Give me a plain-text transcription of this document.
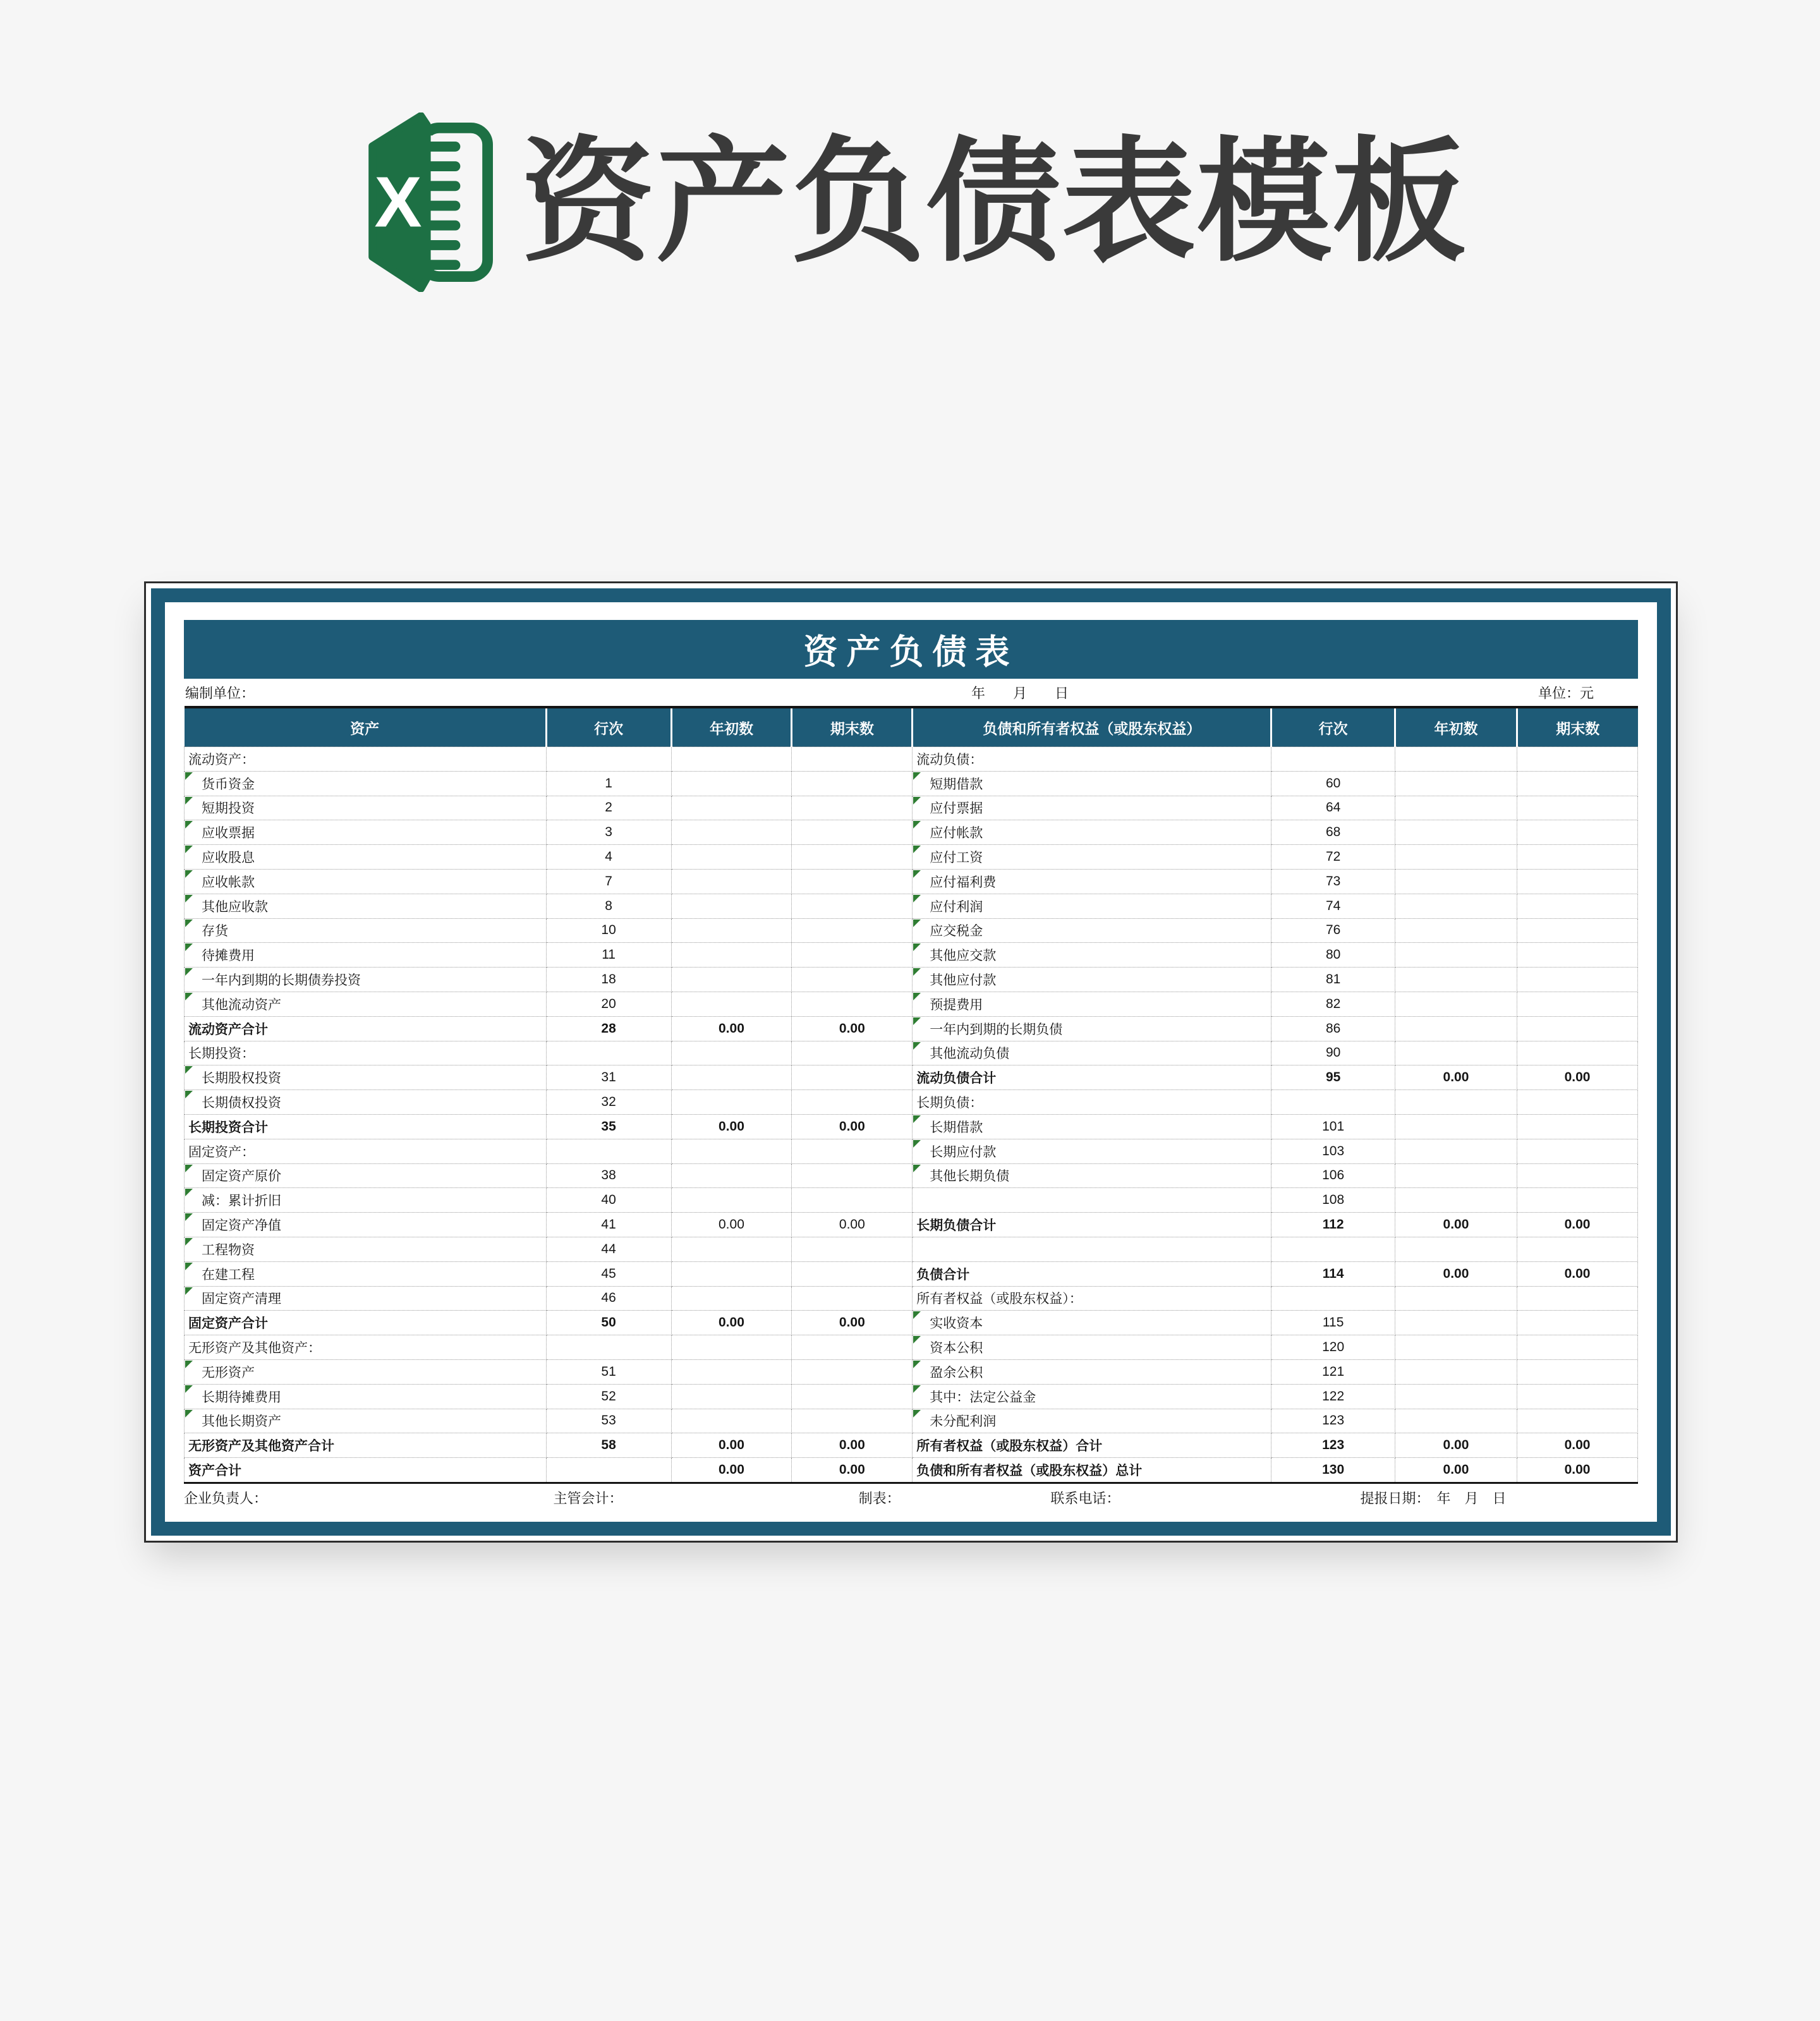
X 资产负债表模板
资产负债表
编制单位：	年　　月　　日	单位：元
资产	行次	年初数	期末数	负债和所有者权益（或股东权益）	行次	年初数	期末数
流动资产：				流动负债：			
货币资金	1			短期借款	60		
短期投资	2			应付票据	64		
应收票据	3			应付帐款	68		
应收股息	4			应付工资	72		
应收帐款	7			应付福利费	73		
其他应收款	8			应付利润	74		
存货	10			应交税金	76		
待摊费用	11			其他应交款	80		
一年内到期的长期债券投资	18			其他应付款	81		
其他流动资产	20			预提费用	82		
流动资产合计	28	0.00	0.00	一年内到期的长期负债	86		
长期投资：				其他流动负债	90		
长期股权投资	31			流动负债合计	95	0.00	0.00
长期债权投资	32			长期负债：			
长期投资合计	35	0.00	0.00	长期借款	101		
固定资产：				长期应付款	103		
固定资产原价	38			其他长期负债	106		
减：累计折旧	40				108		
固定资产净值	41	0.00	0.00	长期负债合计	112	0.00	0.00
工程物资	44						
在建工程	45			负债合计	114	0.00	0.00
固定资产清理	46			所有者权益（或股东权益）：			
固定资产合计	50	0.00	0.00	实收资本	115		
无形资产及其他资产：				资本公积	120		
无形资产	51			盈余公积	121		
长期待摊费用	52			其中：法定公益金	122		
其他长期资产	53			未分配利润	123		
无形资产及其他资产合计	58	0.00	0.00	所有者权益（或股东权益）合计	123	0.00	0.00
资产合计		0.00	0.00	负债和所有者权益（或股东权益）总计	130	0.00	0.00
企业负责人：	主管会计：	制表：	联系电话：	提报日期：　年　月　日
